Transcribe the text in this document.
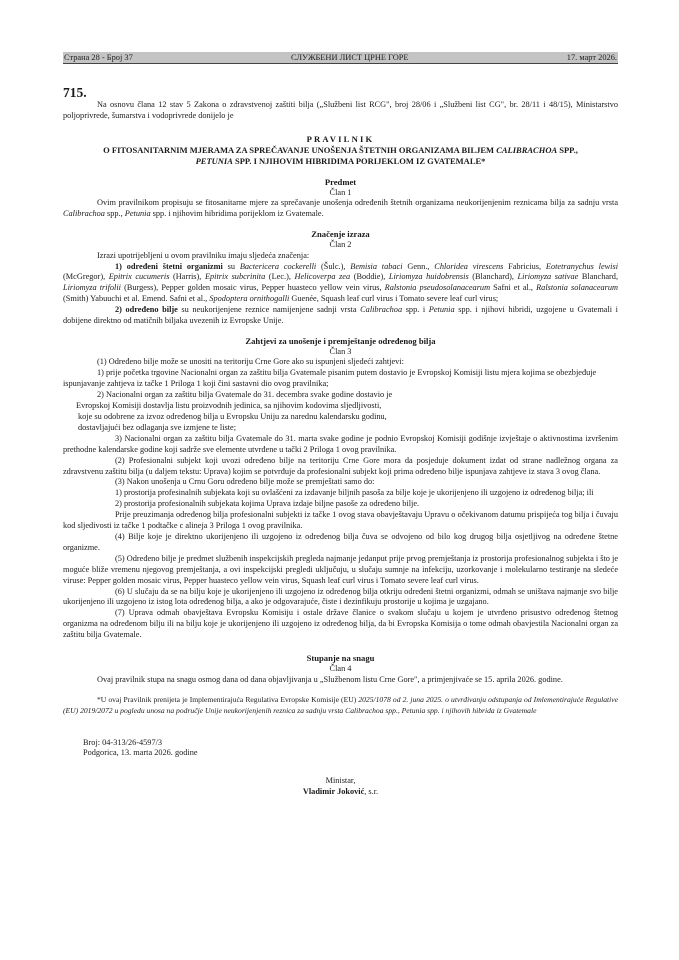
Страна 28 - Број 37	СЛУЖБЕНИ ЛИСТ ЦРНЕ ГОРЕ	17. март 2026.
715.

Na osnovu člana 12 stav 5 Zakona o zdravstvenoj zaštiti bilja („Službeni list RCG", broj 28/06 i „Službeni list CG", br. 28/11 i 48/15), Ministarstvo poljoprivrede, šumarstva i vodoprivrede donijelo je

PRAVILNIK
O FITOSANITARNIM MJERAMA ZA SPREČAVANJE UNOŠENJA ŠTETNIH ORGANIZAMA BILJEM CALIBRACHOA SPP.,
PETUNIA SPP. I NJIHOVIM HIBRIDIMA PORIJEKLOM IZ GVATEMALE*
Predmet
Član 1

Ovim pravilnikom propisuju se fitosanitarne mjere za sprečavanje unošenja određenih štetnih organizama neukorijenjenim reznicama bilja za sadnju vrsta Calibrachoa spp., Petunia spp. i njihovim hibridima porijeklom iz Gvatemale.

Značenje izraza
Član 2

Izrazi upotrijebljeni u ovom pravilniku imaju sljedeća značenja:

1) određeni štetni organizmi su Bactericera cockerelli (Šulc.), Bemisia tabaci Genn., Chloridea virescens Fabricius, Eotetranychus lewisi (McGregor), Epitrix cucumeris (Harris), Epitrix subcrinita (Lec.), Helicoverpa zea (Boddie), Liriomyza huidobrensis (Blanchard), Liriomyza sativae Blanchard, Liriomyza trifolii (Burgess), Pepper golden mosaic virus, Pepper huasteco yellow vein virus, Ralstonia pseudosolanacearum Safni et al., Ralstonia solanacearum (Smith) Yabuuchi et al. Emend. Safni et al., Spodoptera ornithogalli Guenée, Squash leaf curl virus i Tomato severe leaf curl virus;

2) određeno bilje su neukorijenjene reznice namijenjene sadnji vrsta Calibrachoa spp. i Petunia spp. i njihovi hibridi, uzgojene u Gvatemali i dobijene direktno od matičnih biljaka uvezenih iz Evropske Unije.

Zahtjevi za unošenje i premještanje određenog bilja
Član 3

(1) Određeno bilje može se unositi na teritoriju Crne Gore ako su ispunjeni sljedeći zahtjevi:

1) prije početka trgovine Nacionalni organ za zaštitu bilja Gvatemale pisanim putem dostavio je Evropskoj Komisiji listu mjera kojima se obezbjeđuje ispunjavanje zahtjeva iz tačke 1 Priloga 1 koji čini sastavni dio ovog pravilnika;

2) Nacionalni organ za zaštitu bilja Gvatemale do 31. decembra svake godine dostavio je

Evropskoj Komisiji dostavlja listu proizvodnih jedinica, sa njihovim kodovima sljedljivosti,

koje su odobrene za izvoz određenog bilja u Evropsku Uniju za narednu kalendarsku godinu,

dostavljajući bez odlaganja sve izmjene te liste;

3) Nacionalni organ za zaštitu bilja Gvatemale do 31. marta svake godine je podnio Evropskoj Komisiji godišnje izvještaje o aktivnostima izvršenim prethodne kalendarske godine koji sadrže sve elemente utvrđene u tački 2 Priloga 1 ovog pravilnika.

(2) Profesionalni subjekt koji uvozi određeno bilje na teritoriju Crne Gore mora da posjeduje dokument izdat od strane nadležnog organa za zdravstvenu zaštitu bilja (u daljem tekstu: Uprava) kojim se potvrđuje da profesionalni subjekt koji prima određeno bilje ispunjava zahtjeve iz stava 3 ovog člana.

(3) Nakon unošenja u Crnu Goru određeno bilje može se premještati samo do:

1) prostorija profesinalnih subjekata koji su ovlašćeni za izdavanje biljnih pasoša za bilje koje je ukorijenjeno ili uzgojeno iz određenog bilja; ili

2) prostorija profesionalnih subjekata kojima Uprava izdaje biljne pasoše za određeno bilje.

Prije preuzimanja određenog bilja profesionalni subjekti iz tačke 1 ovog stava obavještavaju Upravu o očekivanom datumu prispijeća tog bilja i čuvaju kod sljedivosti iz tačke 1 podtačke c alineja 3 Priloga 1 ovog pravilnika.

(4) Bilje koje je direktno ukorijenjeno ili uzgojeno iz određenog bilja čuva se odvojeno od bilo kog drugog bilja osjetljivog na određene štetne organizme.

(5) Određeno bilje je predmet službenih inspekcijskih pregleda najmanje jedanput prije prvog premještanja iz prostorija profesionalnog subjekta i što je moguće bliže vremenu njegovog premještanja, a ovi inspekcijski pregledi uključuju, u slučaju sumnje na infekciju, uzorkovanje i molekularno testiranje na sledeće viruse: Pepper golden mosaic virus, Pepper huasteco yellow vein virus, Squash leaf curl virus i Tomato severe leaf curl virus.

(6) U slučaju da se na bilju koje je ukorijenjeno ili uzgojeno iz određenog bilja otkriju određeni štetni organizmi, odmah se uništava najmanje svo bilje ukorijenjeno ili uzgojeno iz istog lota određenog bilja, a ako je odgovarajuće, čiste i dezinfikuju prostorije u kojima je uzgajano.

(7) Uprava odmah obavještava Evropsku Komisiju i ostale države članice o svakom slučaju u kojem je utvrđeno prisustvo određenog štetnog organizma na određenom bilju ili na bilju koje je ukorijenjeno ili uzgojeno iz određenog bilja, da bi Evropska Komisija o tome odmah obavjestila Nacionalni organ za zaštitu bilja Gvatemale.

Stupanje na snagu
Član 4

Ovaj pravilnik stupa na snagu osmog dana od dana objavljivanja u „Službenom listu Crne Gore", a primjenjivaće se 15. aprila 2026. godine.

*U ovaj Pravilnik prenijeta je Implementirajuća Regulativa Evropske Komisije (EU) 2025/1078 od 2. juna 2025. o utvrđivanju odstupanja od Imlementirajuće Regulative (EU) 2019/2072 u pogledu unosa na područje Unije neukorijenjenih reznica za sadnju vrsta Calibrachoa spp., Petunia spp. i njihovih hibrida iz Gvatemale

Broj: 04-313/26-4597/3
Podgorica, 13. marta 2026. godine
Ministar,
Vladimir Joković, s.r.
